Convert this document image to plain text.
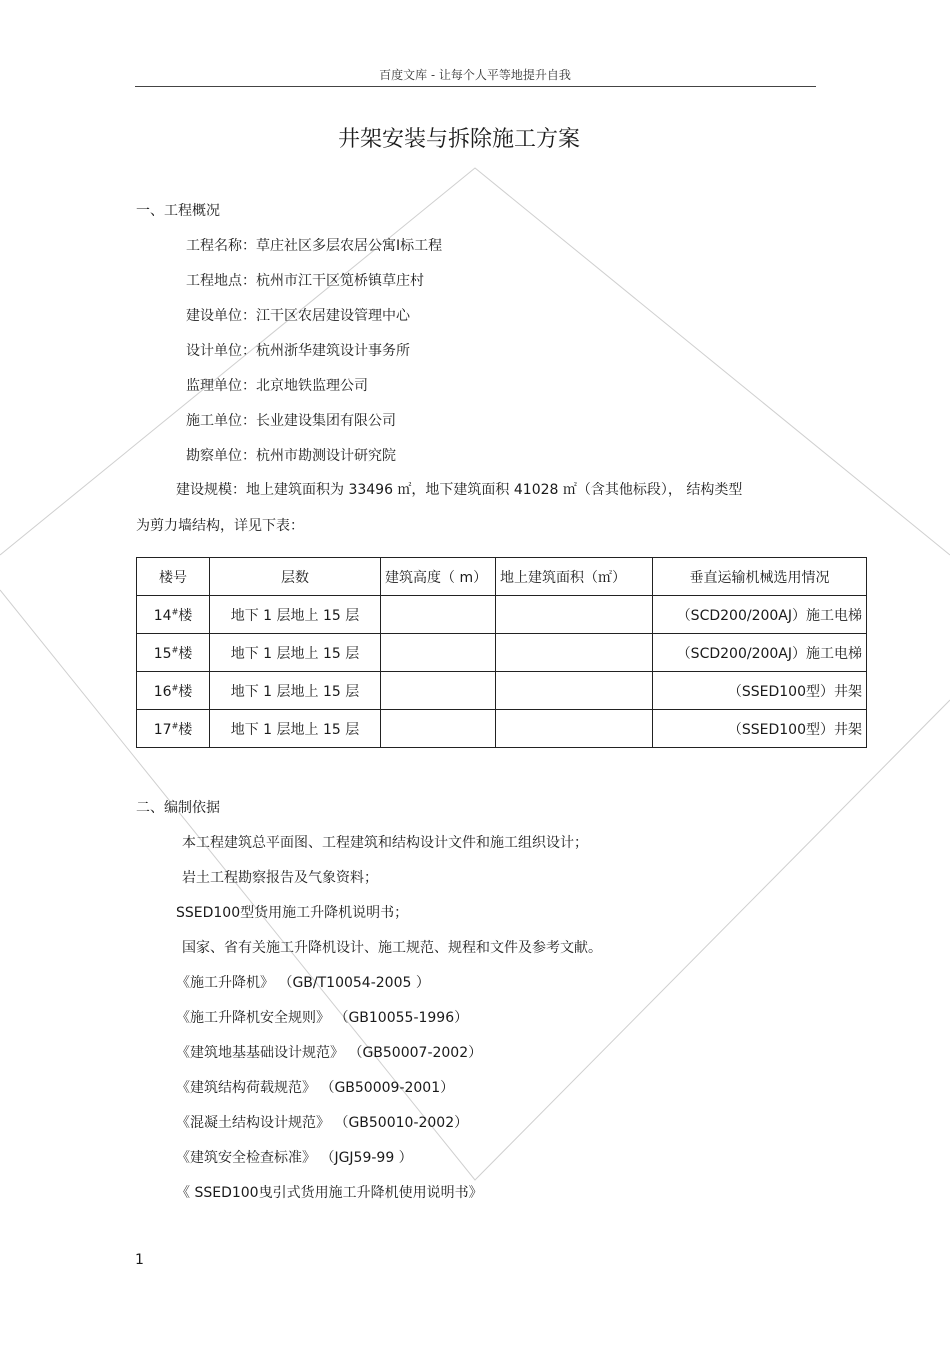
百度文库 - 让每个人平等地提升自我
井架安装与拆除施工方案
一、工程概况
工程名称：草庄社区多层农居公寓Ⅰ标工程
工程地点：杭州市江干区笕桥镇草庄村
建设单位：江干区农居建设管理中心
设计单位：杭州浙华建筑设计事务所
监理单位：北京地铁监理公司
施工单位：长业建设集团有限公司
勘察单位：杭州市勘测设计研究院
建设规模：地上建筑面积为 33496 ㎡，地下建筑面积 41028 ㎡（含其他标段）， 结构类型
为剪力墙结构，详见下表：
楼号	层数	建筑高度（ m）	地上建筑面积（㎡）	垂直运输机械选用情况
14#楼	地下 1 层地上 15 层			（SCD200/200AJ）施工电梯
15#楼	地下 1 层地上 15 层			（SCD200/200AJ）施工电梯
16#楼	地下 1 层地上 15 层			（SSED100型）井架
17#楼	地下 1 层地上 15 层			（SSED100型）井架
二、编制依据
本工程建筑总平面图、工程建筑和结构设计文件和施工组织设计；
岩土工程勘察报告及气象资料；
SSED100型货用施工升降机说明书；
国家、省有关施工升降机设计、施工规范、规程和文件及参考文献。
《施工升降机》 （GB/T10054-2005 ）
《施工升降机安全规则》 （GB10055-1996）
《建筑地基基础设计规范》 （GB50007-2002）
《建筑结构荷载规范》 （GB50009-2001）
《混凝土结构设计规范》 （GB50010-2002）
《建筑安全检查标准》 （JGJ59-99 ）
《 SSED100曳引式货用施工升降机使用说明书》
1
